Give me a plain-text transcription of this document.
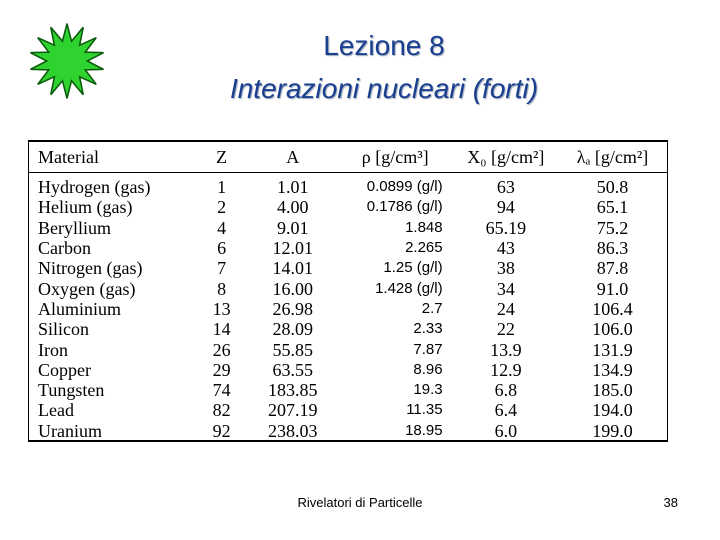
Lezione 8
Interazioni nucleari (forti)
Material	Z	A	ρ [g/cm³]	X₀ [g/cm²]	λₐ [g/cm²]
Hydrogen (gas)	1	1.01	0.0899 (g/l)	63	50.8
Helium (gas)	2	4.00	0.1786 (g/l)	94	65.1
Beryllium	4	9.01	1.848	65.19	75.2
Carbon	6	12.01	2.265	43	86.3
Nitrogen (gas)	7	14.01	1.25 (g/l)	38	87.8
Oxygen (gas)	8	16.00	1.428 (g/l)	34	91.0
Aluminium	13	26.98	2.7	24	106.4
Silicon	14	28.09	2.33	22	106.0
Iron	26	55.85	7.87	13.9	131.9
Copper	29	63.55	8.96	12.9	134.9
Tungsten	74	183.85	19.3	6.8	185.0
Lead	82	207.19	11.35	6.4	194.0
Uranium	92	238.03	18.95	6.0	199.0
Rivelatori di Particelle	38
